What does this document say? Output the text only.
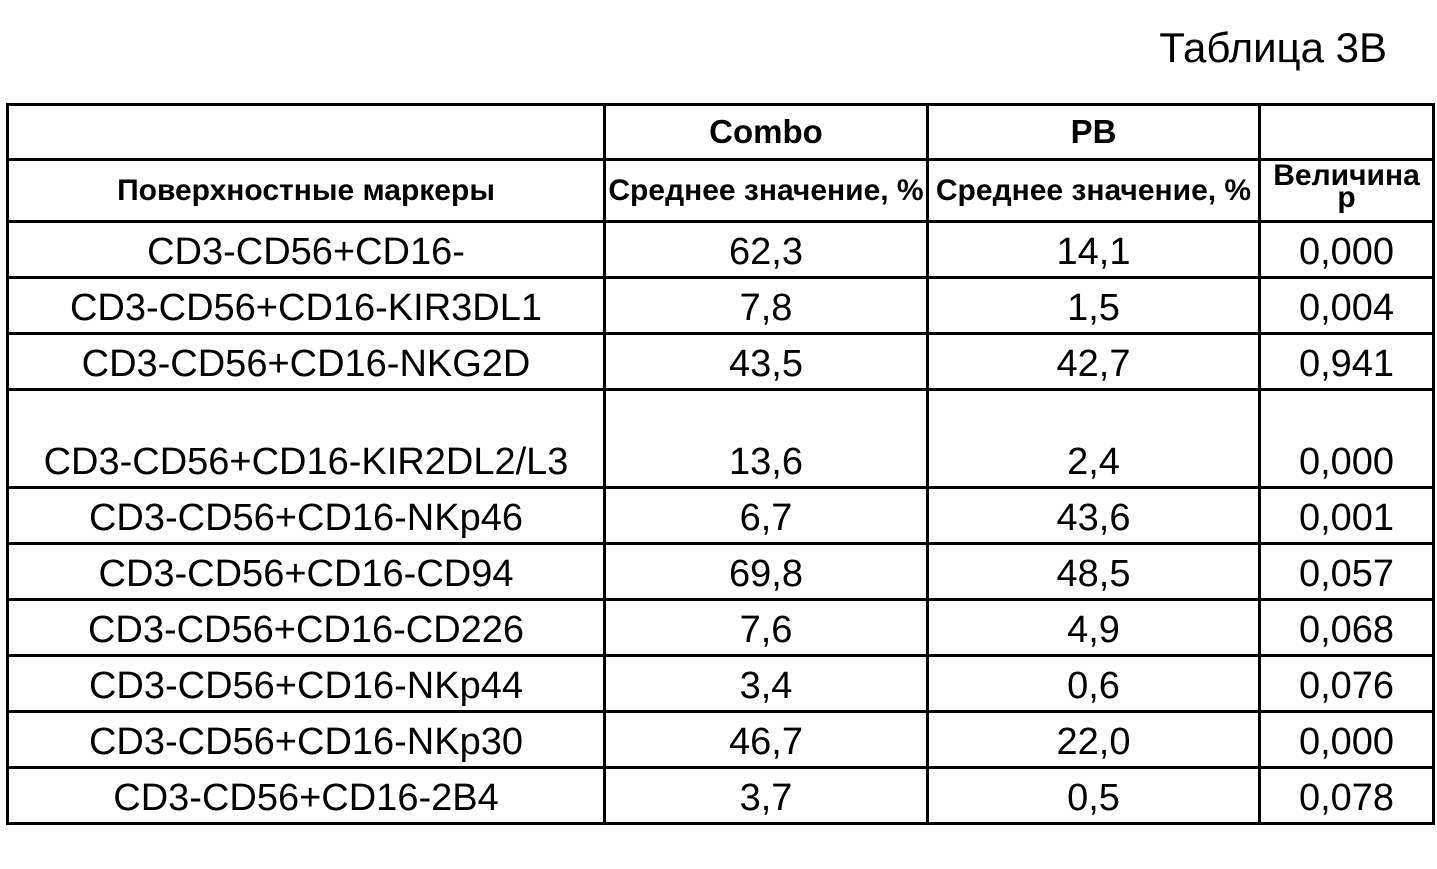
Таблица 3В
	Combo	PB	
Поверхностные маркеры	Среднее значение, %	Среднее значение, %	Величина p
CD3-CD56+CD16-	62,3	14,1	0,000
CD3-CD56+CD16-KIR3DL1	7,8	1,5	0,004
CD3-CD56+CD16-NKG2D	43,5	42,7	0,941
CD3-CD56+CD16-KIR2DL2/L3	13,6	2,4	0,000
CD3-CD56+CD16-NKp46	6,7	43,6	0,001
CD3-CD56+CD16-CD94	69,8	48,5	0,057
CD3-CD56+CD16-CD226	7,6	4,9	0,068
CD3-CD56+CD16-NKp44	3,4	0,6	0,076
CD3-CD56+CD16-NKp30	46,7	22,0	0,000
CD3-CD56+CD16-2B4	3,7	0,5	0,078
